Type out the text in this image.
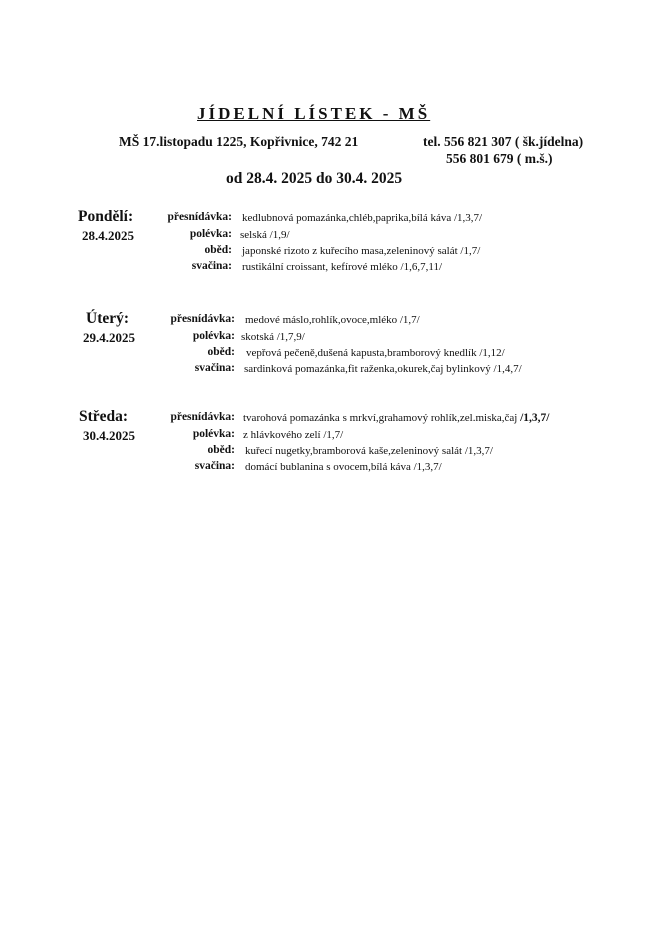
JÍDELNÍ LÍSTEK - MŠ
MŠ 17.listopadu 1225, Kopřivnice, 742 21	tel. 556 821 307 ( šk.jídelna)
556 801 679 ( m.š.)
od 28.4. 2025 do 30.4. 2025
Pondělí:
28.4.2025
přesnídávka: kedlubnová pomazánka,chléb,paprika,bílá káva /1,3,7/
polévka: selská /1,9/
oběd: japonské rizoto z kuřecího masa,zeleninový salát /1,7/
svačina: rustikální croissant, kefírové mléko /1,6,7,11/
Úterý:
29.4.2025
přesnídávka: medové máslo,rohlík,ovoce,mléko /1,7/
polévka: skotská /1,7,9/
oběd: vepřová pečeně,dušená kapusta,bramborový knedlík /1,12/
svačina: sardinková pomazánka,fit raženka,okurek,čaj bylinkový /1,4,7/
Středa:
30.4.2025
přesnídávka: tvarohová pomazánka s mrkví,grahamový rohlík,zel.miska,čaj /1,3,7/
polévka: z hlávkového zelí /1,7/
oběd: kuřecí nugetky,bramborová kaše,zeleninový salát /1,3,7/
svačina: domácí bublanina s ovocem,bílá káva /1,3,7/
